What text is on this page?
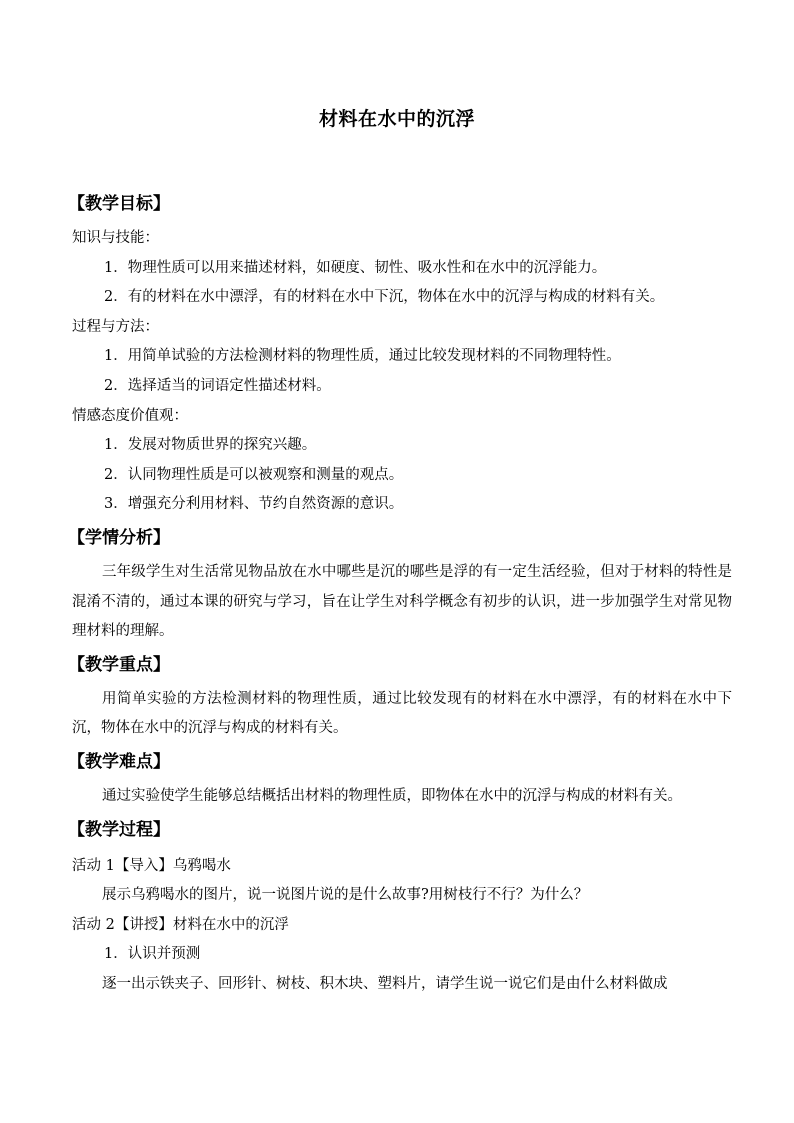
材料在水中的沉浮
【教学目标】

知识与技能：

1．物理性质可以用来描述材料，如硬度、韧性、吸水性和在水中的沉浮能力。

2．有的材料在水中漂浮，有的材料在水中下沉，物体在水中的沉浮与构成的材料有关。

过程与方法：

1．用简单试验的方法检测材料的物理性质，通过比较发现材料的不同物理特性。

2．选择适当的词语定性描述材料。

情感态度价值观：

1．发展对物质世界的探究兴趣。

2．认同物理性质是可以被观察和测量的观点。

3．增强充分利用材料、节约自然资源的意识。

【学情分析】

三年级学生对生活常见物品放在水中哪些是沉的哪些是浮的有一定生活经验，但对于材料的特性是混淆不清的，通过本课的研究与学习，旨在让学生对科学概念有初步的认识，进一步加强学生对常见物理材料的理解。

【教学重点】

用简单实验的方法检测材料的物理性质，通过比较发现有的材料在水中漂浮，有的材料在水中下沉，物体在水中的沉浮与构成的材料有关。

【教学难点】

通过实验使学生能够总结概括出材料的物理性质，即物体在水中的沉浮与构成的材料有关。

【教学过程】

活动 1【导入】乌鸦喝水

展示乌鸦喝水的图片，说一说图片说的是什么故事?用树枝行不行？为什么？

活动 2【讲授】材料在水中的沉浮

1．认识并预测

逐一出示铁夹子、回形针、树枝、积木块、塑料片，请学生说一说它们是由什么材料做成
